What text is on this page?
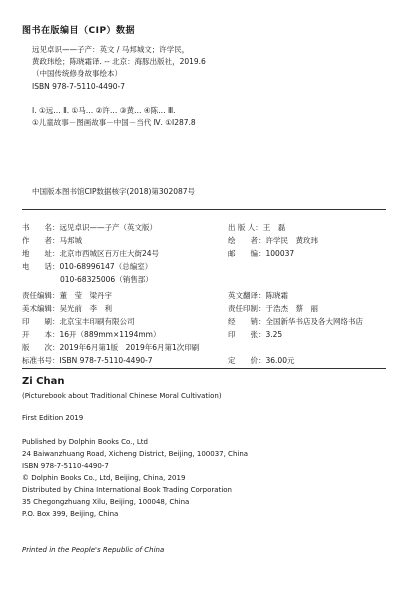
图书在版编目（CIP）数据
远见卓识——子产：英文 / 马邦城文；许学民，
黄政玮绘；陈晓霜译. -- 北京：海豚出版社，2019.6
（中国传统修身故事绘本）
ISBN 978-7-5110-4490-7
Ⅰ. ①远… Ⅱ. ①马… ②许… ③黄… ④陈… Ⅲ.
①儿童故事－图画故事－中国－当代 Ⅳ. ①I287.8
中国版本图书馆CIP数据核字(2018)第302087号
书　　名：远见卓识——子产（英文版）
作　　者：马邦城
地　　址：北京市西城区百万庄大街24号
电　　话：010-68996147（总编室）
010-68325006（销售部）
责任编辑：董　莹　梁丹宇
美术编辑：吴光前　李　利
印　　刷：北京宝丰印刷有限公司
开　　本：16开（889mm×1194mm）
版　　次：2019年6月第1版　2019年6月第1次印刷
标准书号：ISBN 978-7-5110-4490-7
出 版 人：王　磊
绘　　者：许学民　黄玫玮
邮　　编：100037
英文翻译：陈晓霜
责任印制：于浩杰　蔡　丽
经　　销：全国新华书店及各大网络书店
印　　张：3.25
定　　价：36.00元
Zi Chan
(Picturebook about Traditional Chinese Moral Cultivation)
First Edition 2019
Published by Dolphin Books Co., Ltd
24 Baiwanzhuang Road, Xicheng District, Beijing, 100037, China
ISBN 978-7-5110-4490-7
© Dolphin Books Co., Ltd, Beijing, China, 2019
Distributed by China International Book Trading Corporation
35 Chegongzhuang Xilu, Beijing, 100048, China
P.O. Box 399, Beijing, China
Printed in the People's Republic of China
